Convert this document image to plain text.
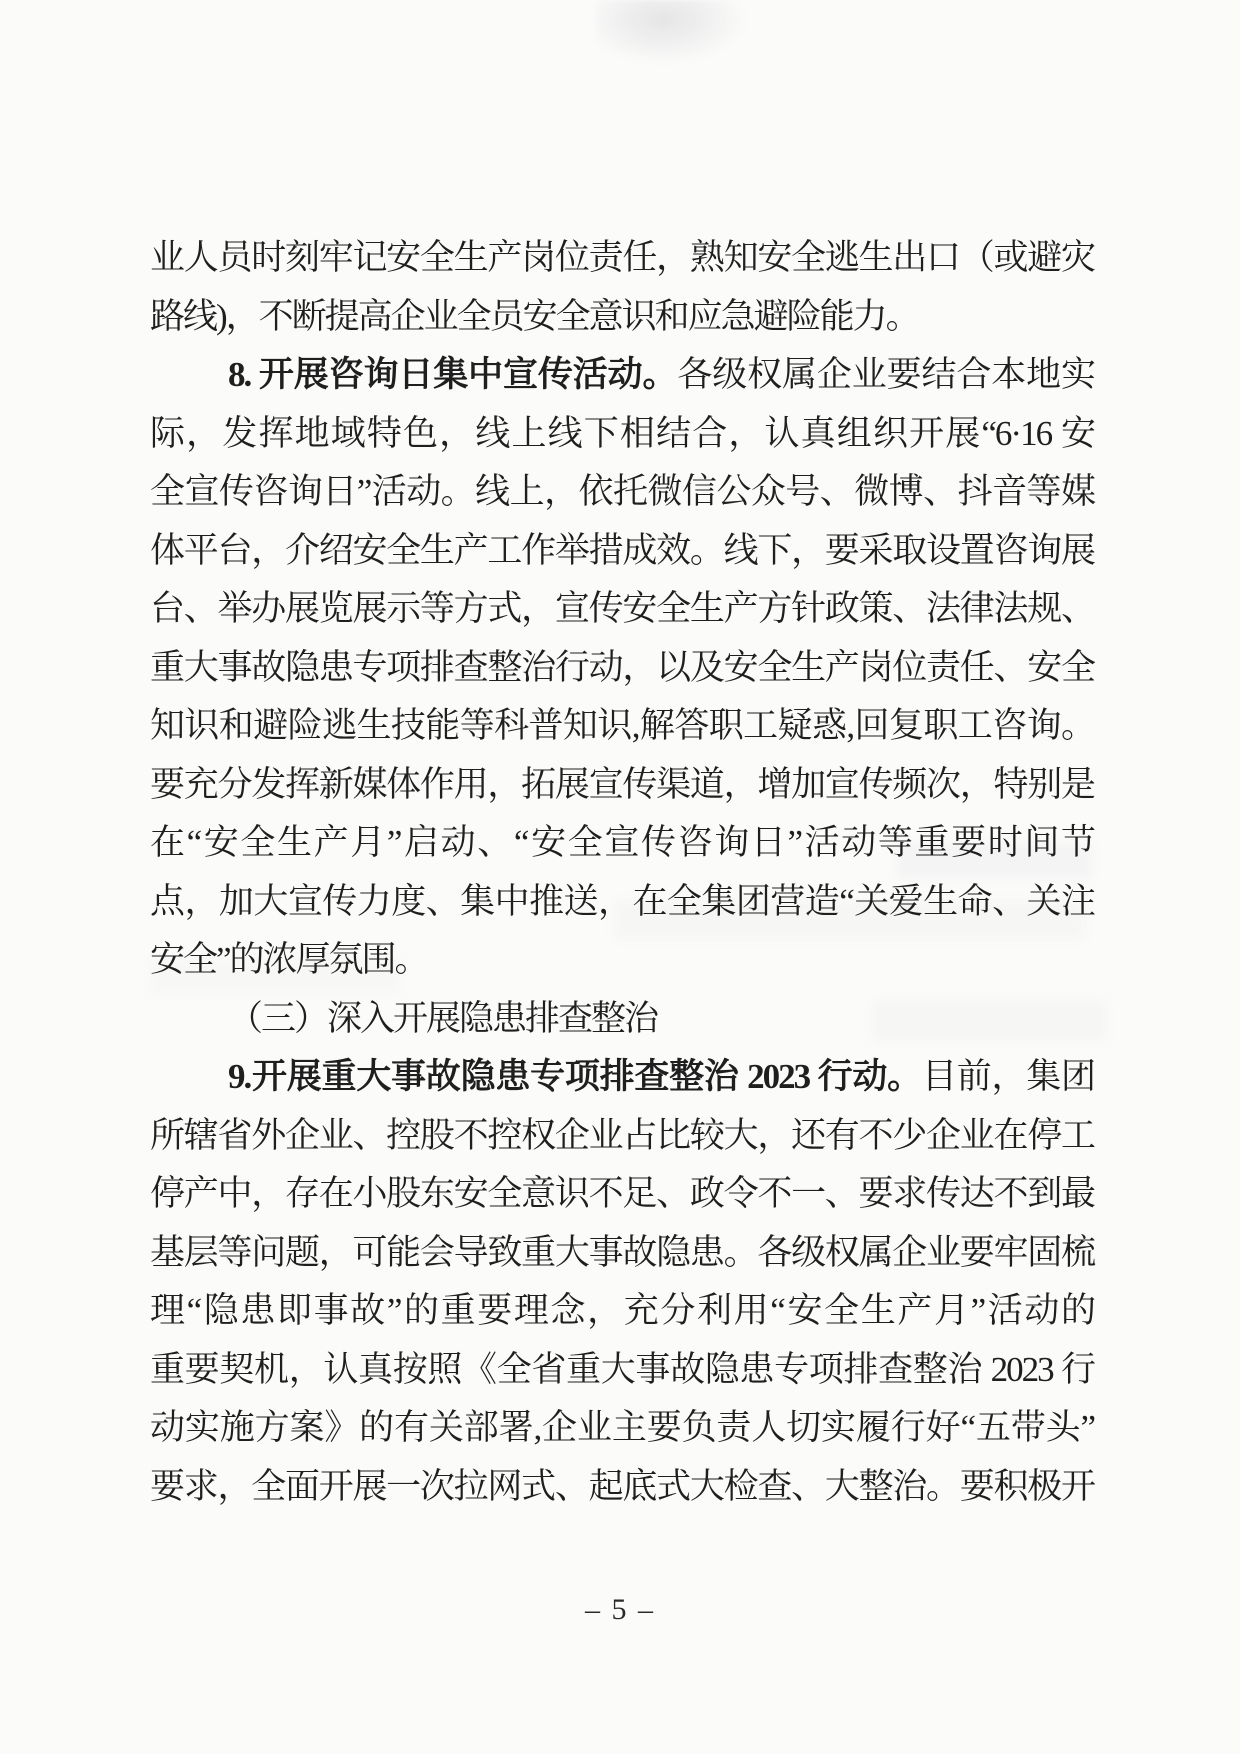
业人员时刻牢记安全生产岗位责任，熟知安全逃生出口（或避灾
路线)，不断提高企业全员安全意识和应急避险能力。
8. 开展咨询日集中宣传活动。各级权属企业要结合本地实
际，发挥地域特色，线上线下相结合，认真组织开展“6·16 安
全宣传咨询日”活动。线上，依托微信公众号、微博、抖音等媒
体平台，介绍安全生产工作举措成效。线下，要采取设置咨询展
台、举办展览展示等方式，宣传安全生产方针政策、法律法规、
重大事故隐患专项排查整治行动，以及安全生产岗位责任、安全
知识和避险逃生技能等科普知识,解答职工疑惑,回复职工咨询。
要充分发挥新媒体作用，拓展宣传渠道，增加宣传频次，特别是
在“安全生产月”启动、“安全宣传咨询日”活动等重要时间节
点，加大宣传力度、集中推送，在全集团营造“关爱生命、关注
安全”的浓厚氛围。
（三）深入开展隐患排查整治
9.开展重大事故隐患专项排查整治 2023 行动。目前，集团
所辖省外企业、控股不控权企业占比较大，还有不少企业在停工
停产中，存在小股东安全意识不足、政令不一、要求传达不到最
基层等问题，可能会导致重大事故隐患。各级权属企业要牢固梳
理“隐患即事故”的重要理念，充分利用“安全生产月”活动的
重要契机，认真按照《全省重大事故隐患专项排查整治 2023 行
动实施方案》的有关部署,企业主要负责人切实履行好“五带头”
要求，全面开展一次拉网式、起底式大检查、大整治。要积极开
– 5 –
